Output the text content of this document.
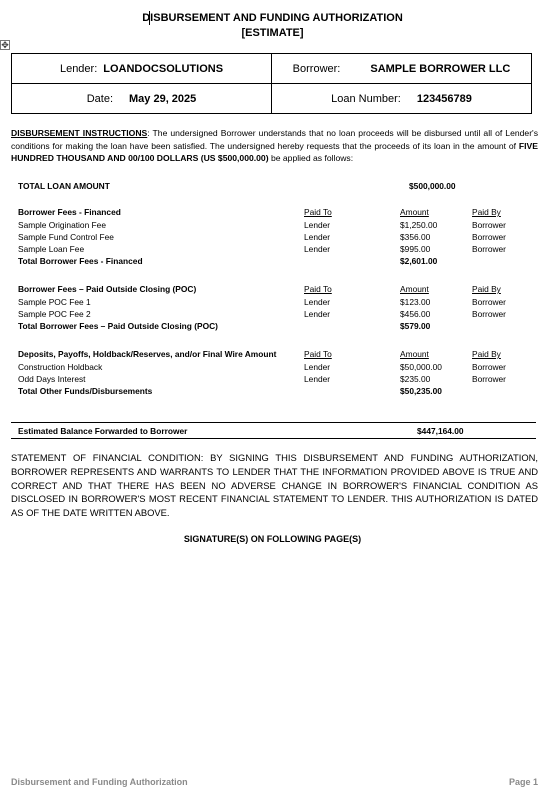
DISBURSEMENT AND FUNDING AUTHORIZATION
[ESTIMATE]
✥
Lender: LOANDOCSOLUTIONS	Borrower: SAMPLE BORROWER LLC

Date: May 29, 2025	Loan Number: 123456789
DISBURSEMENT INSTRUCTIONS: The undersigned Borrower understands that no loan proceeds will be disbursed until all of Lender's conditions for making the loan have been satisfied. The undersigned hereby requests that the proceeds of its loan in the amount of FIVE HUNDRED THOUSAND AND 00/100 DOLLARS (US $500,000.00) be applied as follows:
TOTAL LOAN AMOUNT	$500,000.00
Borrower Fees - Financed	Paid To	Amount	Paid By
Sample Origination Fee	Lender	$1,250.00	Borrower
Sample Fund Control Fee	Lender	$356.00	Borrower
Sample Loan Fee	Lender	$995.00	Borrower
Total Borrower Fees - Financed	$2,601.00
Borrower Fees – Paid Outside Closing (POC)	Paid To	Amount	Paid By
Sample POC Fee 1	Lender	$123.00	Borrower
Sample POC Fee 2	Lender	$456.00	Borrower
Total Borrower Fees – Paid Outside Closing (POC)	$579.00
Deposits, Payoffs, Holdback/Reserves, and/or Final Wire Amount	Paid To	Amount	Paid By
Construction Holdback	Lender	$50,000.00	Borrower
Odd Days Interest	Lender	$235.00	Borrower
Total Other Funds/Disbursements	$50,235.00
Estimated Balance Forwarded to Borrower	$447,164.00
STATEMENT OF FINANCIAL CONDITION: BY SIGNING THIS DISBURSEMENT AND FUNDING AUTHORIZATION, BORROWER REPRESENTS AND WARRANTS TO LENDER THAT THE INFORMATION PROVIDED ABOVE IS TRUE AND CORRECT AND THAT THERE HAS BEEN NO ADVERSE CHANGE IN BORROWER'S FINANCIAL CONDITION AS DISCLOSED IN BORROWER'S MOST RECENT FINANCIAL STATEMENT TO LENDER. THIS AUTHORIZATION IS DATED AS OF THE DATE WRITTEN ABOVE.
SIGNATURE(S) ON FOLLOWING PAGE(S)
Disbursement and Funding Authorization	Page 1
